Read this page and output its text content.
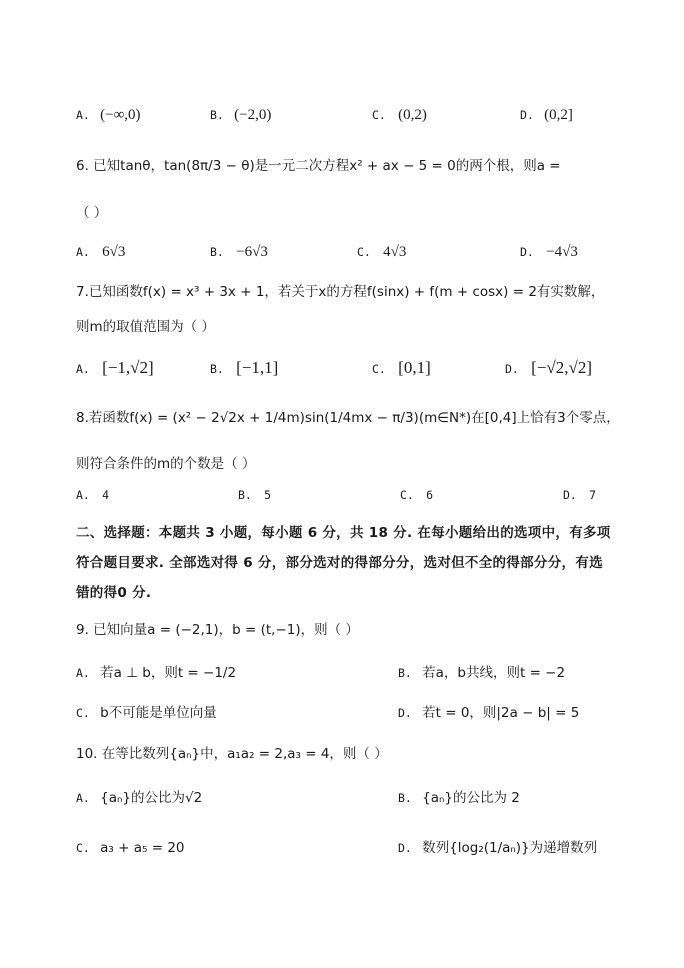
A. (−∞,0)	B. (−2,0)	C. (0,2)	D. (0,2]
6. 已知tanθ，tan(8π/3 − θ)是一元二次方程x² + ax − 5 = 0的两个根，则a =
（ ）
A. 6√3	B. −6√3	C. 4√3	D. −4√3
7.已知函数f(x) = x³ + 3x + 1，若关于x的方程f(sinx) + f(m + cosx) = 2有实数解，
则m的取值范围为（ ）
A. [−1,√2]	B. [−1,1]	C. [0,1]	D. [−√2,√2]
8.若函数f(x) = (x² − 2√2x + 1/4m)sin(1/4mx − π/3)(m∈N*)在[0,4]上恰有3个零点，
则符合条件的m的个数是（ ）
A. 4	B. 5	C. 6	D. 7
二、选择题：本题共 3 小题，每小题 6 分，共 18 分. 在每小题给出的选项中，有多项
符合题目要求. 全部选对得 6 分，部分选对的得部分分，选对但不全的得部分分，有选
错的得0 分.
9. 已知向量a = (−2,1)，b = (t,−1)，则（ ）
A. 若a ⊥ b，则t = −1/2	B. 若a，b共线，则t = −2
C. b不可能是单位向量	D. 若t = 0，则|2a − b| = 5
10. 在等比数列{aₙ}中，a₁a₂ = 2,a₃ = 4，则（ ）
A. {aₙ}的公比为√2	B. {aₙ}的公比为 2
C. a₃ + a₅ = 20	D. 数列{log₂(1/aₙ)}为递增数列
